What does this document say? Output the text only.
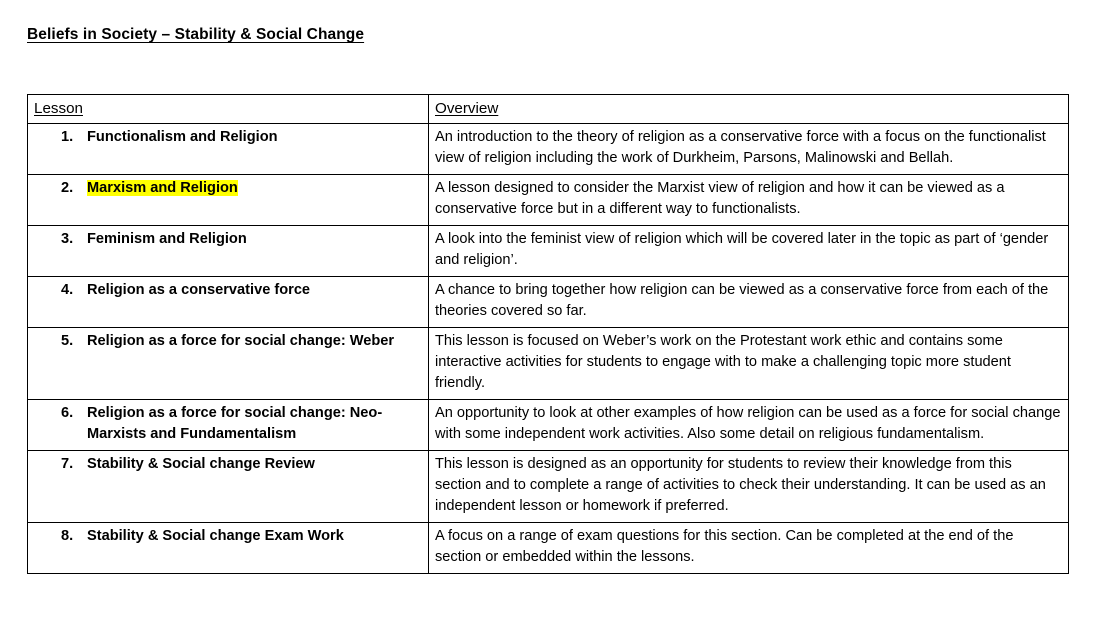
Beliefs in Society – Stability & Social Change
Lesson	Overview

1. Functionalism and Religion	An introduction to the theory of religion as a conservative force with a focus on the functionalist view of religion including the work of Durkheim, Parsons, Malinowski and Bellah.

2. Marxism and Religion	A lesson designed to consider the Marxist view of religion and how it can be viewed as a conservative force but in a different way to functionalists.

3. Feminism and Religion	A look into the feminist view of religion which will be covered later in the topic as part of ‘gender and religion’.

4. Religion as a conservative force	A chance to bring together how religion can be viewed as a conservative force from each of the theories covered so far.

5. Religion as a force for social change: Weber	This lesson is focused on Weber’s work on the Protestant work ethic and contains some interactive activities for students to engage with to make a challenging topic more student friendly.

6. Religion as a force for social change: Neo-Marxists and Fundamentalism	An opportunity to look at other examples of how religion can be used as a force for social change with some independent work activities. Also some detail on religious fundamentalism.

7. Stability & Social change Review	This lesson is designed as an opportunity for students to review their knowledge from this section and to complete a range of activities to check their understanding. It can be used as an independent lesson or homework if preferred.

8. Stability & Social change Exam Work	A focus on a range of exam questions for this section. Can be completed at the end of the section or embedded within the lessons.
